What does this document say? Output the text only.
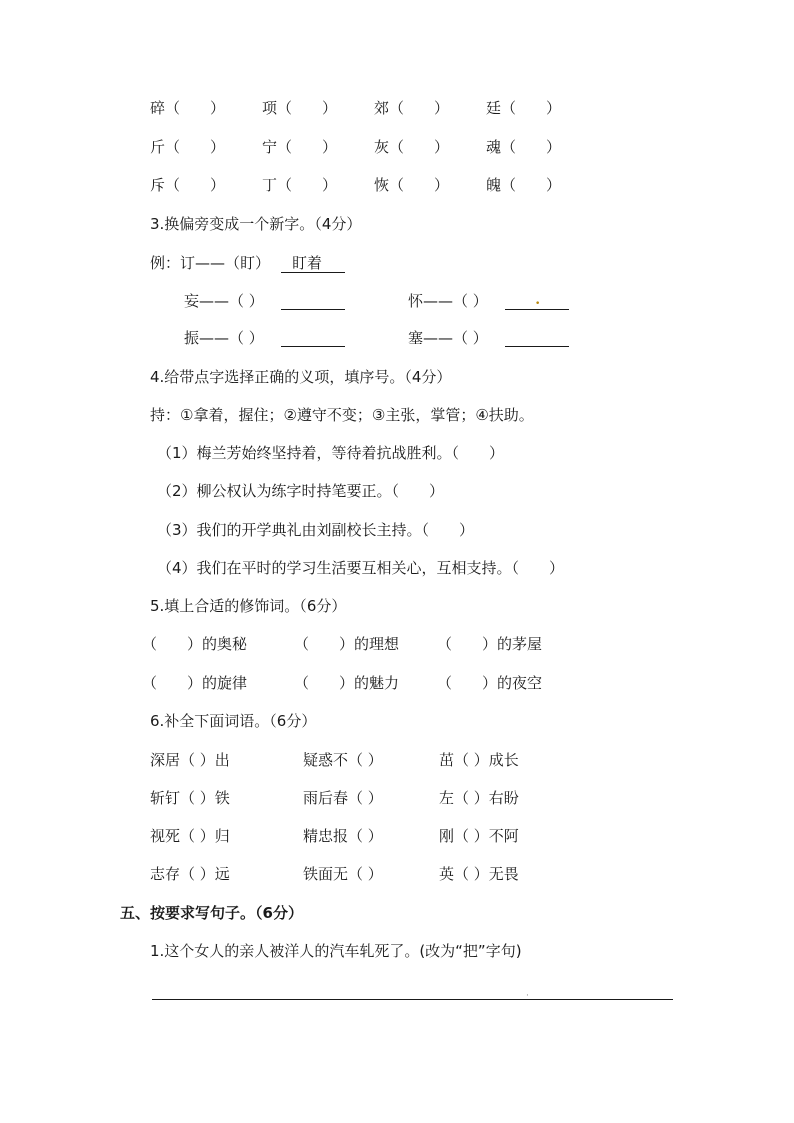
碎（　　） 项（　　） 郊（　　） 廷（　　）
斤（　　） 宁（　　） 灰（　　） 魂（　　）
斥（　　） 丁（　　） 恢（　　） 魄（　　）
3.换偏旁变成一个新字。（4分）
例：订——（盯） 盯着
妄——（ ）	怀——（ ）	•
振——（ ）	塞——（ ）
4.给带点字选择正确的义项，填序号。（4分）
持：①拿着，握住；②遵守不变；③主张，掌管；④扶助。
（1）梅兰芳始终坚持着，等待着抗战胜利。（　　）
（2）柳公权认为练字时持笔要正。（　　）
（3）我们的开学典礼由刘副校长主持。（　　）
（4）我们在平时的学习生活要互相关心，互相支持。（　　）
5.填上合适的修饰词。（6分）
（　　）的奥秘	（　　）的理想	（　　）的茅屋
（　　）的旋律	（　　）的魅力	（　　）的夜空
6.补全下面词语。（6分）
深居（ ）出	疑惑不（ ）	茁（ ）成长
斩钉（ ）铁	雨后春（ ）	左（ ）右盼
视死（ ）归	精忠报（ ）	刚（ ）不阿
志存（ ）远	铁面无（ ）	英（ ）无畏
五、按要求写句子。（6分）
1.这个女人的亲人被洋人的汽车轧死了。(改为“把”字句)
·
